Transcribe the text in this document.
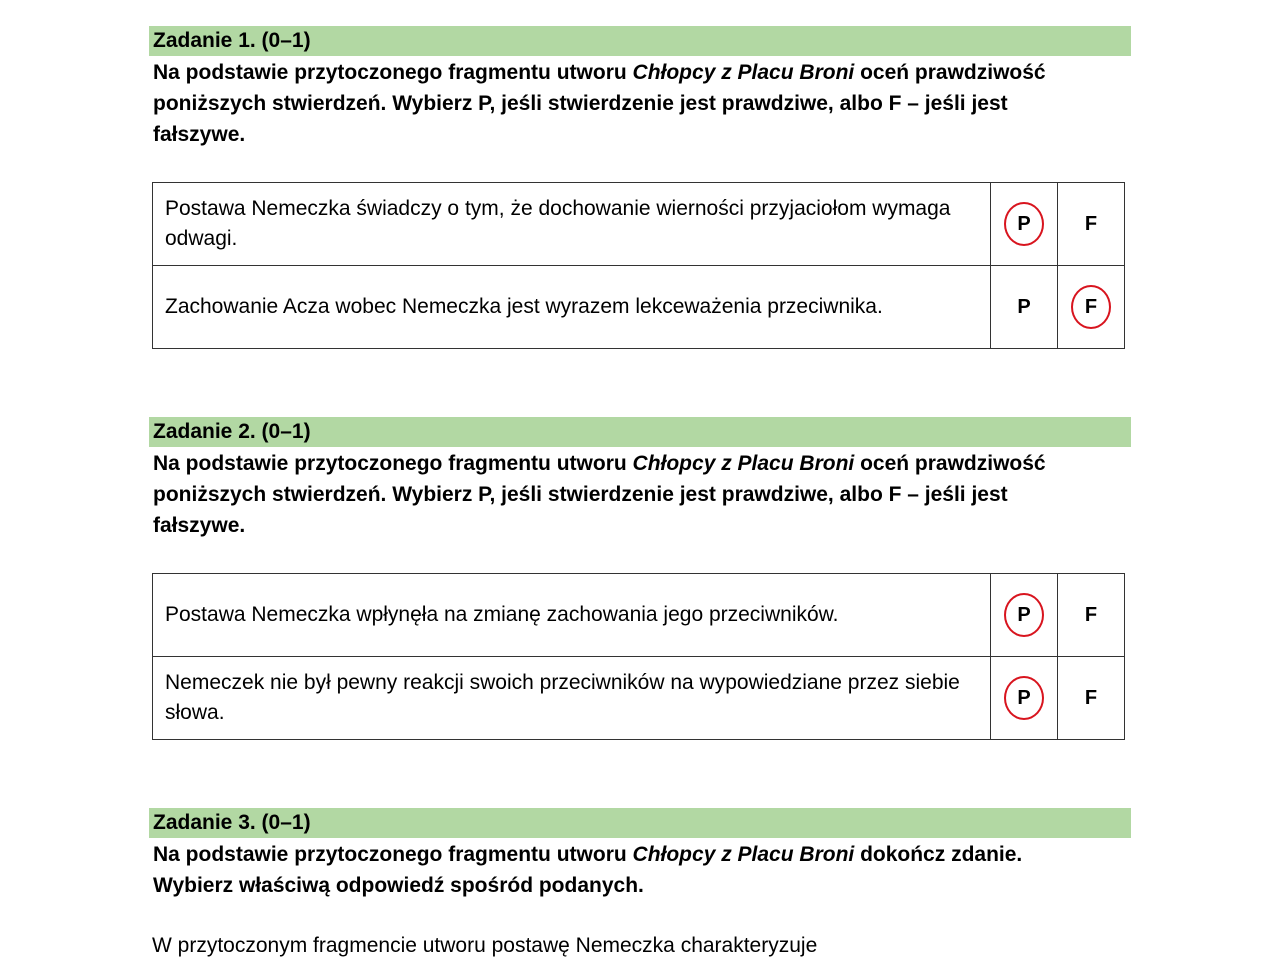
Zadanie 1. (0–1)
Na podstawie przytoczonego fragmentu utworu Chłopcy z Placu Broni oceń prawdziwość poniższych stwierdzeń. Wybierz P, jeśli stwierdzenie jest prawdziwe, albo F – jeśli jest fałszywe.
Postawa Nemeczka świadczy o tym, że dochowanie wierności przyjaciołom wymaga odwagi.	P	F
Zachowanie Acza wobec Nemeczka jest wyrazem lekceważenia przeciwnika.	P	F
Zadanie 2. (0–1)
Na podstawie przytoczonego fragmentu utworu Chłopcy z Placu Broni oceń prawdziwość poniższych stwierdzeń. Wybierz P, jeśli stwierdzenie jest prawdziwe, albo F – jeśli jest fałszywe.
Postawa Nemeczka wpłynęła na zmianę zachowania jego przeciwników.	P	F
Nemeczek nie był pewny reakcji swoich przeciwników na wypowiedziane przez siebie słowa.	P	F
Zadanie 3. (0–1)
Na podstawie przytoczonego fragmentu utworu Chłopcy z Placu Broni dokończ zdanie. Wybierz właściwą odpowiedź spośród podanych.
W przytoczonym fragmencie utworu postawę Nemeczka charakteryzuje
